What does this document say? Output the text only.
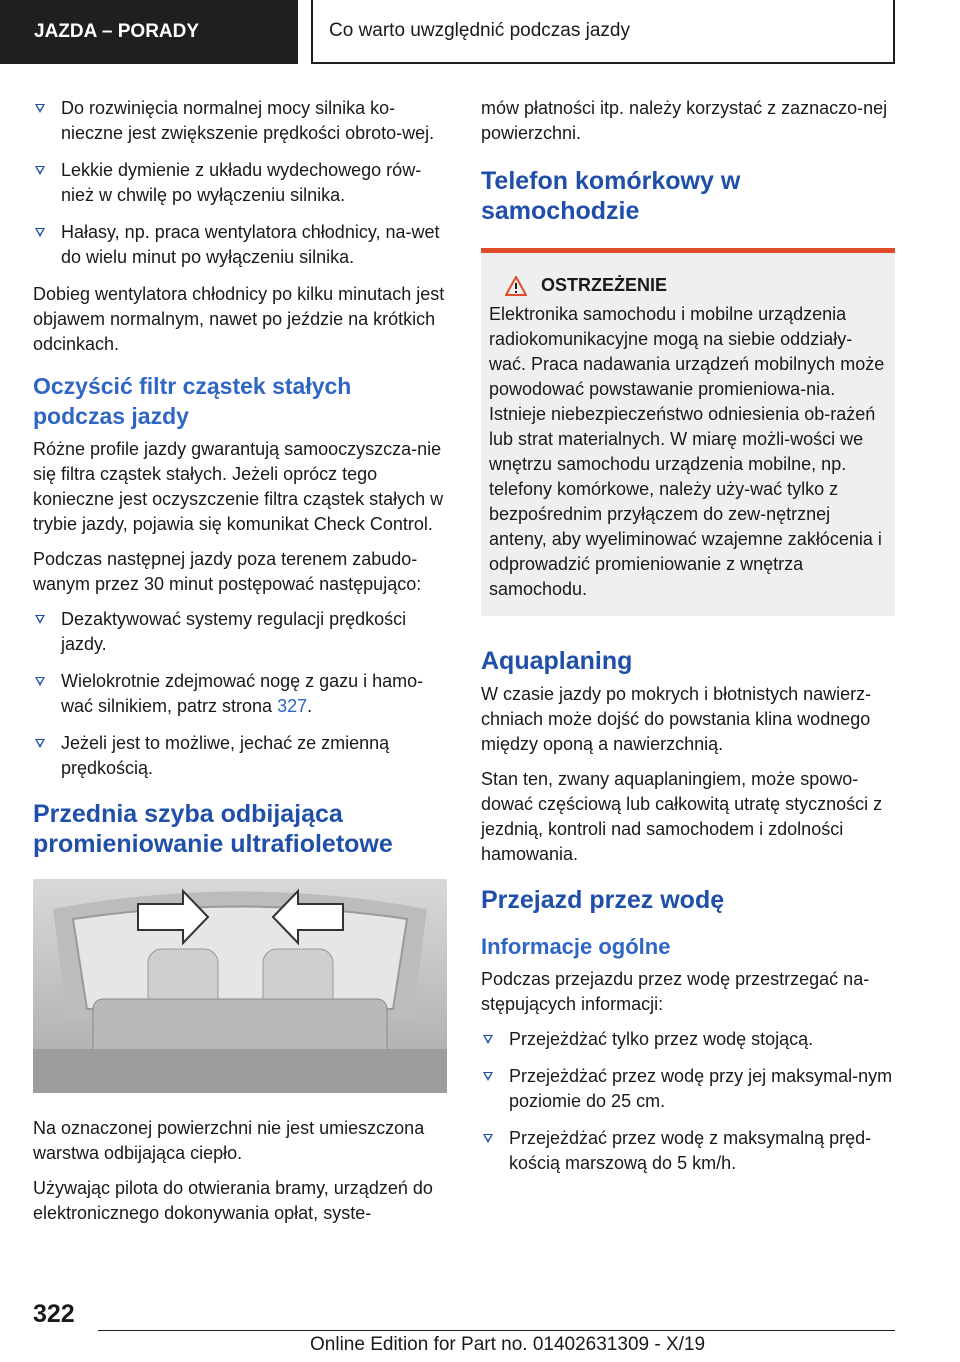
JAZDA – PORADY	Co warto uwzględnić podczas jazdy
Do rozwinięcia normalnej mocy silnika ko-nieczne jest zwiększenie prędkości obroto-wej.
Lekkie dymienie z układu wydechowego rów-nież w chwilę po wyłączeniu silnika.
Hałasy, np. praca wentylatora chłodnicy, na-wet do wielu minut po wyłączeniu silnika.

Dobieg wentylatora chłodnicy po kilku minutach jest objawem normalnym, nawet po jeździe na krótkich odcinkach.

Oczyścić filtr cząstek stałych podczas jazdy

Różne profile jazdy gwarantują samooczyszcza-nie się filtra cząstek stałych. Jeżeli oprócz tego konieczne jest oczyszczenie filtra cząstek stałych w trybie jazdy, pojawia się komunikat Check Control.

Podczas następnej jazdy poza terenem zabudo-wanym przez 30 minut postępować następująco:

Dezaktywować systemy regulacji prędkości jazdy.
Wielokrotnie zdejmować nogę z gazu i hamo-wać silnikiem, patrz strona 327.
Jeżeli jest to możliwe, jechać ze zmienną prędkością.
Przednia szyba odbijająca promieniowanie ultrafioletowe

Na oznaczonej powierzchni nie jest umieszczona warstwa odbijająca ciepło.

Używając pilota do otwierania bramy, urządzeń do elektronicznego dokonywania opłat, syste-

mów płatności itp. należy korzystać z zaznaczo-nej powierzchni.

Telefon komórkowy w samochodzie
OSTRZEŻENIE

Elektronika samochodu i mobilne urządzenia radiokomunikacyjne mogą na siebie oddziały-wać. Praca nadawania urządzeń mobilnych może powodować powstawanie promieniowa-nia. Istnieje niebezpieczeństwo odniesienia ob-rażeń lub strat materialnych. W miarę możli-wości we wnętrzu samochodu urządzenia mobilne, np. telefony komórkowe, należy uży-wać tylko z bezpośrednim przyłączem do zew-nętrznej anteny, aby wyeliminować wzajemne zakłócenia i odprowadzić promieniowanie z wnętrza samochodu.

Aquaplaning

W czasie jazdy po mokrych i błotnistych nawierz-chniach może dojść do powstania klina wodnego między oponą a nawierzchnią.

Stan ten, zwany aquaplaningiem, może spowo-dować częściową lub całkowitą utratę styczności z jezdnią, kontroli nad samochodem i zdolności hamowania.

Przejazd przez wodę
Informacje ogólne

Podczas przejazdu przez wodę przestrzegać na-stępujących informacji:

Przejeżdżać tylko przez wodę stojącą.
Przejeżdżać przez wodę przy jej maksymal-nym poziomie do 25 cm.
Przejeżdżać przez wodę z maksymalną pręd-kością marszową do 5 km/h.
322
Online Edition for Part no. 01402631309 - X/19
